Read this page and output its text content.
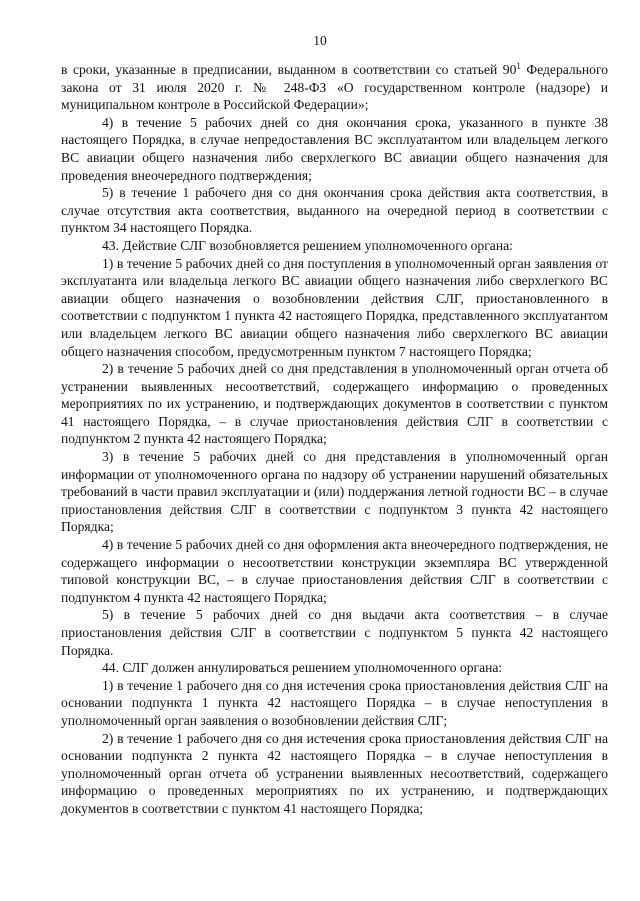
10

в сроки, указанные в предписании, выданном в соответствии со статьей $90^1$ Федерального закона от 31 июля 2020 г. № 248-ФЗ «О государственном контроле (надзоре) и муниципальном контроле в Российской Федерации»;

4) в течение 5 рабочих дней со дня окончания срока, указанного в пункте 38 настоящего Порядка, в случае непредоставления ВС эксплуатантом или владельцем легкого ВС авиации общего назначения либо сверхлегкого ВС авиации общего назначения для проведения внеочередного подтверждения;

5) в течение 1 рабочего дня со дня окончания срока действия акта соответствия, в случае отсутствия акта соответствия, выданного на очередной период в соответствии с пунктом 34 настоящего Порядка.

43. Действие СЛГ возобновляется решением уполномоченного органа:

1) в течение 5 рабочих дней со дня поступления в уполномоченный орган заявления от эксплуатанта или владельца легкого ВС авиации общего назначения либо сверхлегкого ВС авиации общего назначения о возобновлении действия СЛГ, приостановленного в соответствии с подпунктом 1 пункта 42 настоящего Порядка, представленного эксплуатантом или владельцем легкого ВС авиации общего назначения либо сверхлегкого ВС авиации общего назначения способом, предусмотренным пунктом 7 настоящего Порядка;

2) в течение 5 рабочих дней со дня представления в уполномоченный орган отчета об устранении выявленных несоответствий, содержащего информацию о проведенных мероприятиях по их устранению, и подтверждающих документов в соответствии с пунктом 41 настоящего Порядка, – в случае приостановления действия СЛГ в соответствии с подпунктом 2 пункта 42 настоящего Порядка;

3) в течение 5 рабочих дней со дня представления в уполномоченный орган информации от уполномоченного органа по надзору об устранении нарушений обязательных требований в части правил эксплуатации и (или) поддержания летной годности ВС – в случае приостановления действия СЛГ в соответствии с подпунктом 3 пункта 42 настоящего Порядка;

4) в течение 5 рабочих дней со дня оформления акта внеочередного подтверждения, не содержащего информации о несоответствии конструкции экземпляра ВС утвержденной типовой конструкции ВС, – в случае приостановления действия СЛГ в соответствии с подпунктом 4 пункта 42 настоящего Порядка;

5) в течение 5 рабочих дней со дня выдачи акта соответствия – в случае приостановления действия СЛГ в соответствии с подпунктом 5 пункта 42 настоящего Порядка.

44. СЛГ должен аннулироваться решением уполномоченного органа:

1) в течение 1 рабочего дня со дня истечения срока приостановления действия СЛГ на основании подпункта 1 пункта 42 настоящего Порядка – в случае непоступления в уполномоченный орган заявления о возобновлении действия СЛГ;

2) в течение 1 рабочего дня со дня истечения срока приостановления действия СЛГ на основании подпункта 2 пункта 42 настоящего Порядка – в случае непоступления в уполномоченный орган отчета об устранении выявленных несоответствий, содержащего информацию о проведенных мероприятиях по их устранению, и подтверждающих документов в соответствии с пунктом 41 настоящего Порядка;
